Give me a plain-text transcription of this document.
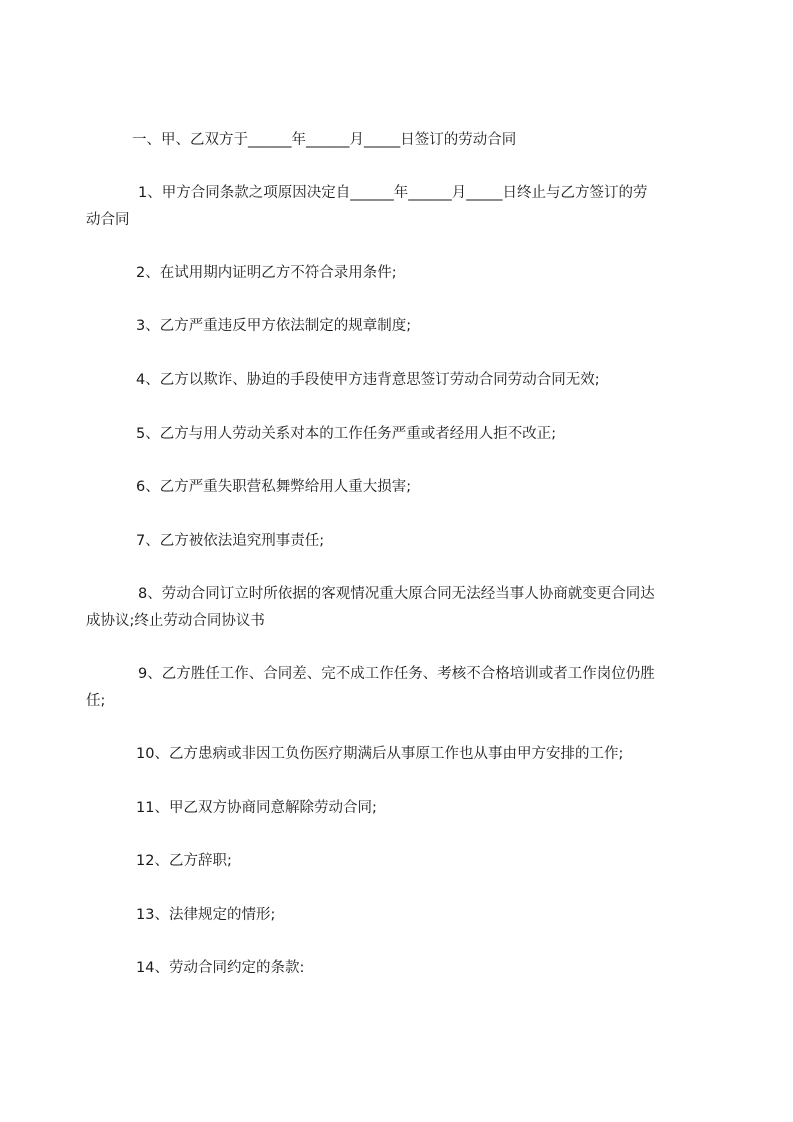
一、甲、乙双方于______年______月_____日签订的劳动合同

1、甲方合同条款之项原因决定自______年______月_____日终止与乙方签订的劳
动合同

2、在试用期内证明乙方不符合录用条件;

3、乙方严重违反甲方依法制定的规章制度;

4、乙方以欺诈、胁迫的手段使甲方违背意思签订劳动合同劳动合同无效;

5、乙方与用人劳动关系对本的工作任务严重或者经用人拒不改正;

6、乙方严重失职营私舞弊给用人重大损害;

7、乙方被依法追究刑事责任;

8、劳动合同订立时所依据的客观情况重大原合同无法经当事人协商就变更合同达
成协议;终止劳动合同协议书

9、乙方胜任工作、合同差、完不成工作任务、考核不合格培训或者工作岗位仍胜
任;

10、乙方患病或非因工负伤医疗期满后从事原工作也从事由甲方安排的工作;

11、甲乙双方协商同意解除劳动合同;

12、乙方辞职;

13、法律规定的情形;

14、劳动合同约定的条款:
